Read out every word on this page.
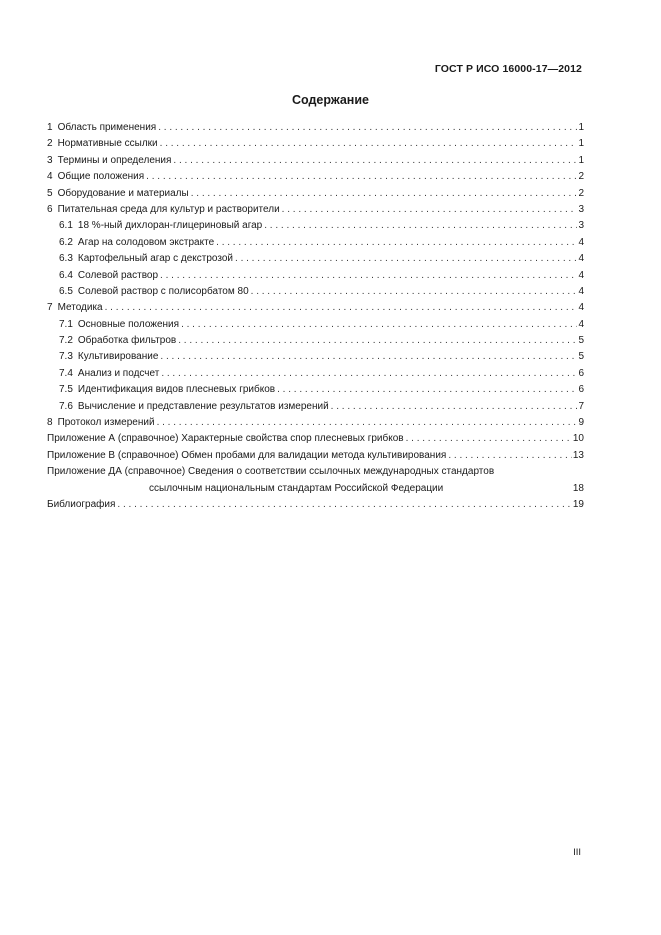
ГОСТ Р ИСО 16000-17—2012
Содержание
1 Область применения . . .	1
2 Нормативные ссылки . . .	1
3 Термины и определения . . .	1
4 Общие положения . . .	2
5 Оборудование и материалы . . .	2
6 Питательная среда для культур и растворители . . .	3
6.1 18 %-ный дихлоран-глицериновый агар . . .	3
6.2 Агар на солодовом экстракте . . .	4
6.3 Картофельный агар с декстрозой . . .	4
6.4 Солевой раствор . . .	4
6.5 Солевой раствор с полисорбатом 80 . . .	4
7 Методика . . .	4
7.1 Основные положения . . .	4
7.2 Обработка фильтров . . .	5
7.3 Культивирование . . .	5
7.4 Анализ и подсчет . . .	6
7.5 Идентификация видов плесневых грибков . . .	6
7.6 Вычисление и представление результатов измерений . . .	7
8 Протокол измерений . . .	9
Приложение А (справочное) Характерные свойства спор плесневых грибков . . .	10
Приложение В (справочное) Обмен пробами для валидации метода культивирования . . .	13
Приложение ДА (справочное) Сведения о соответствии ссылочных международных стандартов
ссылочным национальным стандартам Российской Федерации	18
Библиография . . .	19
III
